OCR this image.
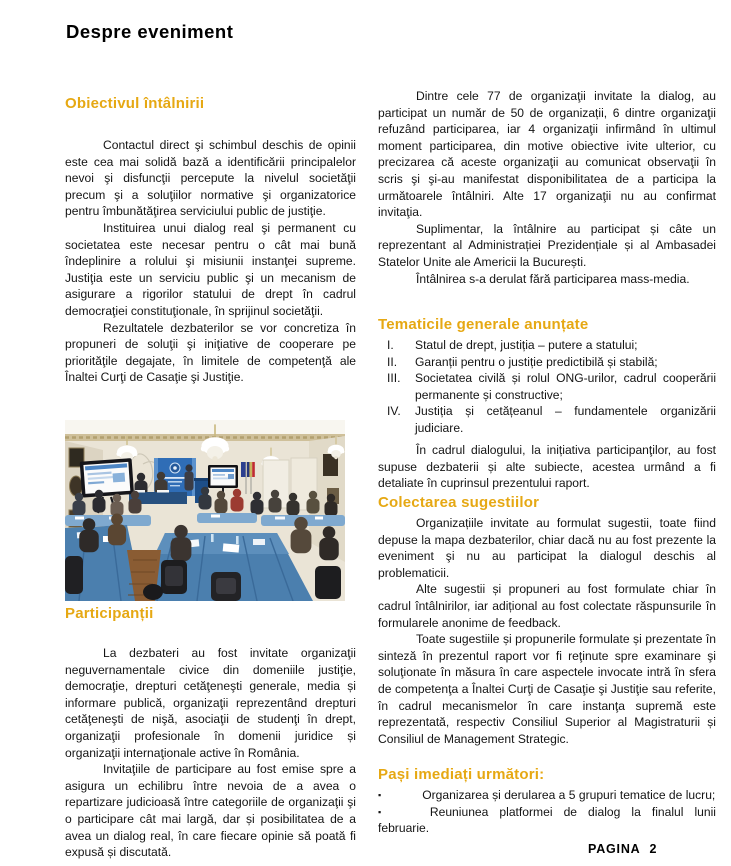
Despre eveniment
Obiectivul întâlnirii

Contactul direct şi schimbul deschis de opinii este cea mai solidă bază a identificării principalelor nevoi şi disfuncţii percepute la nivelul societăţii precum şi a soluţiilor normative şi organizatorice pentru îmbunătăţirea serviciului public de justiţie.

Instituirea unui dialog real şi permanent cu societatea este necesar pentru o cât mai bună îndeplinire a rolului şi misiunii instanţei supreme. Justiţia este un serviciu public şi un mecanism de asigurare a rigorilor statului de drept în cadrul democraţiei constituţionale, în sprijinul societăţii.

Rezultatele dezbaterilor se vor concretiza în propuneri de soluţii şi iniţiative de cooperare pe priorităţile degajate, în limitele de competenţă ale Înaltei Curţi de Casaţie şi Justiţie.

Participanții

La dezbateri au fost invitate organizaţii neguvernamentale civice din domeniile justiţie, democraţie, drepturi cetăţeneşti generale, media și informare publică, organizaţii reprezentând drepturi cetăţeneşti de nişă, asociaţii de studenţi în drept, organizaţii profesionale în domenii juridice și organizaţii internaţionale active în România.

Invitaţiile de participare au fost emise spre a asigura un echilibru între nevoia de a avea o repartizare judicioasă între categoriile de organizaţii şi o participare cât mai largă, dar și posibilitatea de a avea un dialog real, în care fiecare opinie să poată fi expusă și discutată.

Dintre cele 77 de organizaţii invitate la dialog, au participat un număr de 50 de organizații, 6 dintre organizaţii refuzând participarea, iar 4 organizaţii infirmând în ultimul moment participarea, din motive obiective ivite ulterior, cu precizarea că aceste organizaţii au comunicat observaţii în scris şi şi-au manifestat disponibilitatea de a participa la următoarele întâlniri. Alte 17 organizaţii nu au confirmat invitaţia.

Suplimentar, la întâlnire au participat și câte un reprezentant al Administrației Prezidențiale și al Ambasadei Statelor Unite ale Americii la București.

Întâlnirea s-a derulat fără participarea mass-media.

Tematicile generale anunțate
I.	Statul de drept, justiția – putere a statului;
II.	Garanții pentru o justiție predictibilă și stabilă;
III.	Societatea civilă și rolul ONG-urilor, cadrul cooperării permanente și constructive;
IV.	Justiția și cetățeanul – fundamentele organizării judiciare.

În cadrul dialogului, la inițiativa participanţilor, au fost supuse dezbaterii și alte subiecte, acestea urmând a fi detaliate în cuprinsul prezentului raport.

Colectarea sugestiilor

Organizațiile invitate au formulat sugestii, toate fiind depuse la mapa dezbaterilor, chiar dacă nu au fost prezente la eveniment şi nu au participat la dialogul deschis al problematicii.

Alte sugestii și propuneri au fost formulate chiar în cadrul întâlnirilor, iar adițional au fost colectate răspunsurile în formularele anonime de feedback.

Toate sugestiile și propunerile formulate și prezentate în sinteză în prezentul raport vor fi reţinute spre examinare şi soluţionate în măsura în care aspectele invocate intră în sfera de competenţa a Înaltei Curţi de Casaţie şi Justiţie sau referite, în cadrul mecanismelor în care instanţa supremă este reprezentată, respectiv Consiliul Superior al Magistraturii și Consiliul de Management Strategic.

Pași imediați următori:

▪	Organizarea și derularea a 5 grupuri tematice de lucru;

▪	Reuniunea platformei de dialog la finalul lunii februarie.

PAGINA 2
